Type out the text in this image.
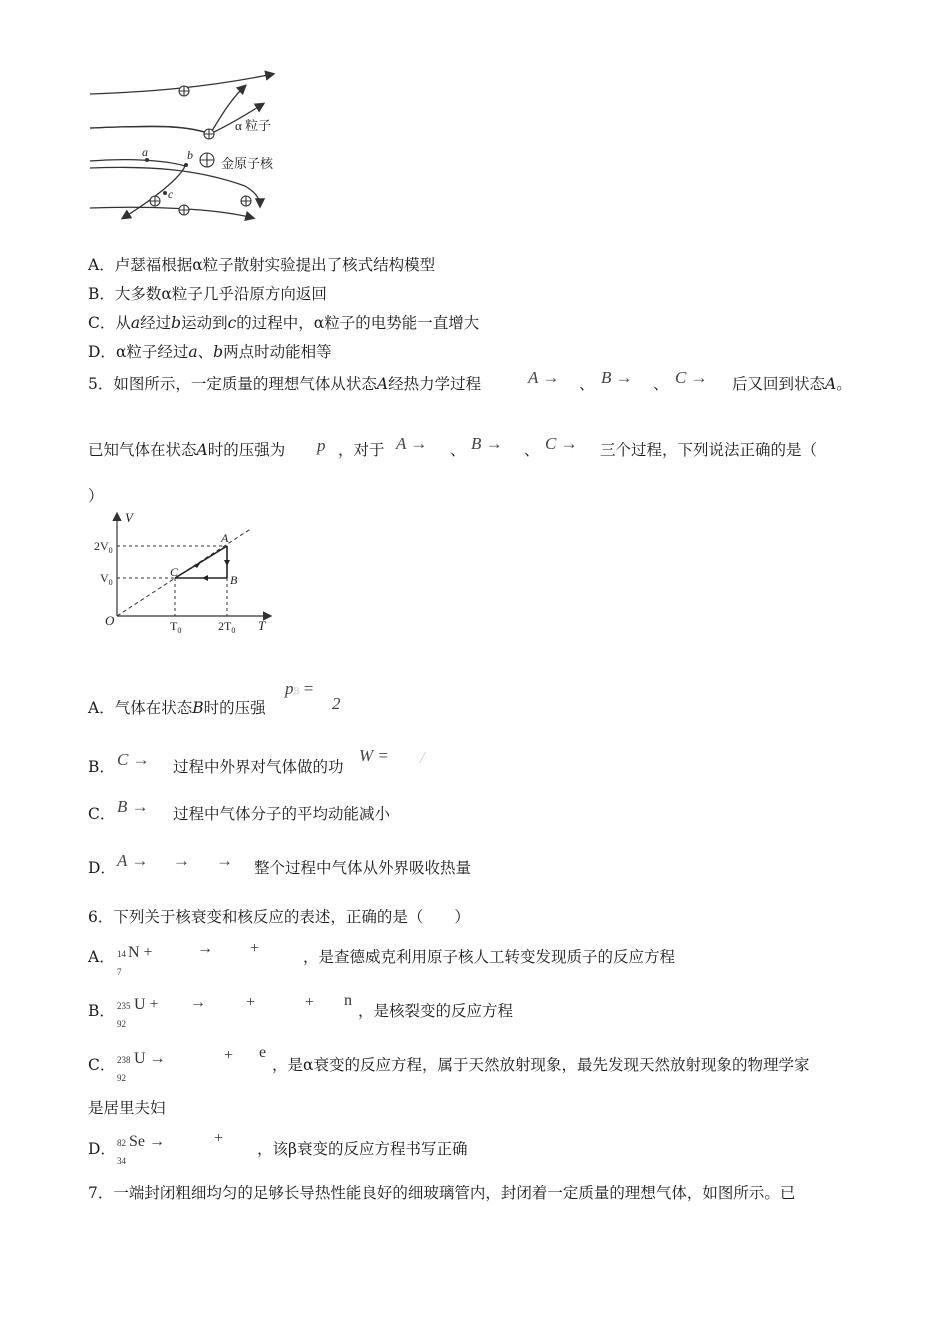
α 粒子
金原子核
a	b
c
A．卢瑟福根据α粒子散射实验提出了核式结构模型
B．大多数α粒子几乎沿原方向返回
C．从a经过b运动到c的过程中，α粒子的电势能一直增大
D．α粒子经过a、b两点时动能相等
5．如图所示，一定质量的理想气体从状态A经热力学过程	A → 、 B → 、 C → 后又回到状态A。
已知气体在状态A时的压强为 p ，对于 A → 、 B → 、 C → 三个过程，下列说法正确的是（
）
V
T
O
$2V_0$
$V_0$
$T_0$	$2T_0$
A
B
C
A．气体在状态B时的压强
pB =
2
B． C → 过程中外界对气体做的功
W = /
C． B → 过程中气体分子的平均动能减小
D． A → → → 整个过程中气体从外界吸收热量
6．下列关于核衰变和核反应的表述，正确的是（　　）
A． 14
7
N +	→ +	，是查德威克利用原子核人工转变发现质子的反应方程
B． 235
92
U + →	+	+ n
，是核裂变的反应方程
C． 238
92
U →	+ e
，是α衰变的反应方程，属于天然放射现象，最先发现天然放射现象的物理学家
是居里夫妇
D． 82
34
Se →	+
，该β衰变的反应方程书写正确
7．一端封闭粗细均匀的足够长导热性能良好的细玻璃管内，封闭着一定质量的理想气体，如图所示。已
